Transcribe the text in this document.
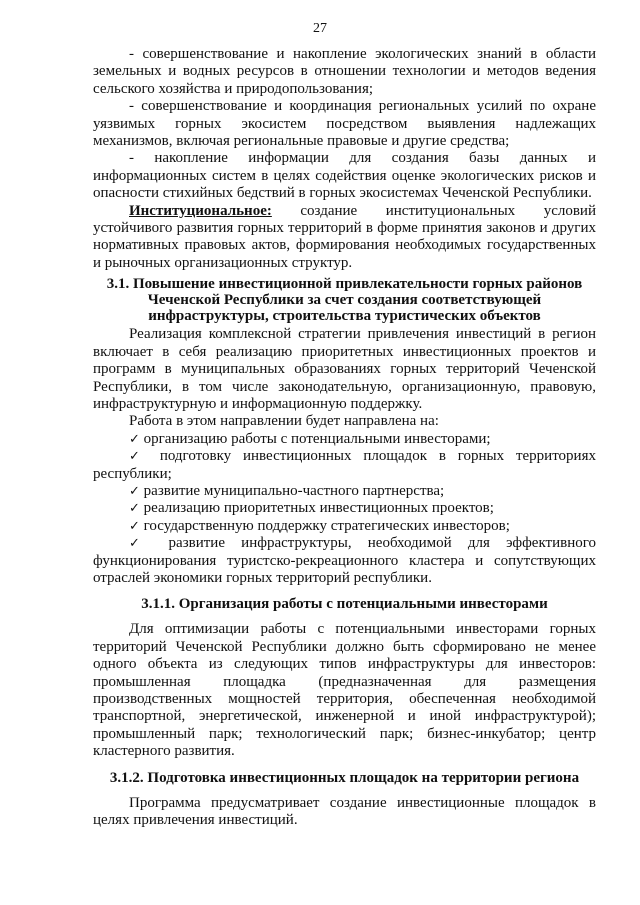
27

- совершенствование и накопление экологических знаний в области земельных и водных ресурсов в отношении технологии и методов ведения сельского хозяйства и природопользования;

- совершенствование и координация региональных усилий по охране уязвимых горных экосистем посредством выявления надлежащих механизмов, включая региональные правовые и другие средства;

- накопление информации для создания базы данных и информационных систем в целях содействия оценке экологических рисков и опасности стихийных бедствий в горных экосистемах Чеченской Республики.

Институциональное: создание институциональных условий устойчивого развития горных территорий в форме принятия законов и других нормативных правовых актов, формирования необходимых государственных и рыночных организационных структур.

3.1. Повышение инвестиционной привлекательности горных районов Чеченской Республики за счет создания соответствующей инфраструктуры, строительства туристических объектов

Реализация комплексной стратегии привлечения инвестиций в регион включает в себя реализацию приоритетных инвестиционных проектов и программ в муниципальных образованиях горных территорий Чеченской Республики, в том числе законодательную, организационную, правовую, инфраструктурную и информационную поддержку.

Работа в этом направлении будет направлена на:

✓ организацию работы с потенциальными инвесторами;

✓ подготовку инвестиционных площадок в горных территориях республики;

✓ развитие муниципально-частного партнерства;

✓ реализацию приоритетных инвестиционных проектов;

✓ государственную поддержку стратегических инвесторов;

✓ развитие инфраструктуры, необходимой для эффективного функционирования туристско-рекреационного кластера и сопутствующих отраслей экономики горных территорий республики.

3.1.1. Организация работы с потенциальными инвесторами

Для оптимизации работы с потенциальными инвесторами горных территорий Чеченской Республики должно быть сформировано не менее одного объекта из следующих типов инфраструктуры для инвесторов: промышленная площадка (предназначенная для размещения производственных мощностей территория, обеспеченная необходимой транспортной, энергетической, инженерной и иной инфраструктурой); промышленный парк; технологический парк; бизнес-инкубатор; центр кластерного развития.

3.1.2. Подготовка инвестиционных площадок на территории региона

Программа предусматривает создание инвестиционные площадок в целях привлечения инвестиций.
